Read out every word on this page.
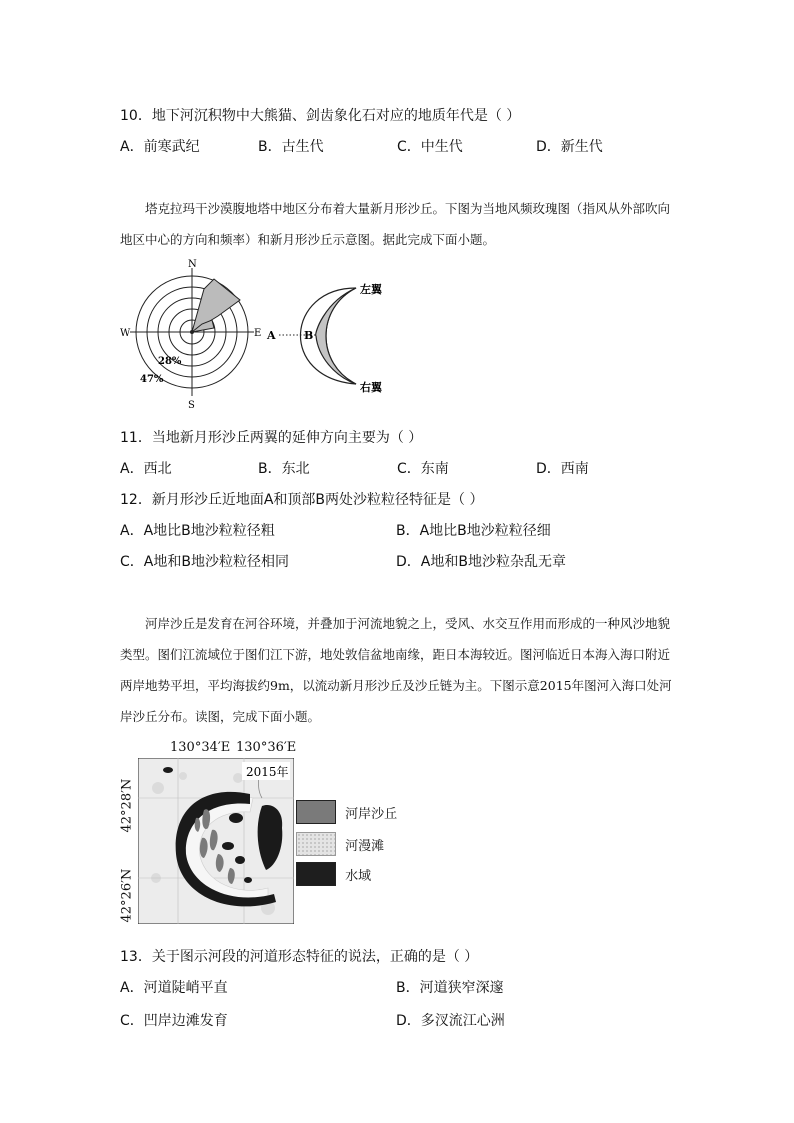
10．地下河沉积物中大熊猫、剑齿象化石对应的地质年代是（ ）
A．前寒武纪	B．古生代	C．中生代	D．新生代

塔克拉玛干沙漠腹地塔中地区分布着大量新月形沙丘。下图为当地风频玫瑰图（指风从外部吹向地区中心的方向和频率）和新月形沙丘示意图。据此完成下面小题。

N
S
W	E
28%
47%
左翼
右翼
A	B
11．当地新月形沙丘两翼的延伸方向主要为（ ）
A．西北	B．东北	C．东南	D．西南
12．新月形沙丘近地面A和顶部B两处沙粒粒径特征是（ ）
A．A地比B地沙粒粒径粗	B．A地比B地沙粒粒径细
C．A地和B地沙粒粒径相同	D．A地和B地沙粒杂乱无章

河岸沙丘是发育在河谷环境，并叠加于河流地貌之上，受风、水交互作用而形成的一种风沙地貌类型。图们江流域位于图们江下游，地处敦信盆地南缘，距日本海较近。图河临近日本海入海口附近两岸地势平坦，平均海拔约9m，以流动新月形沙丘及沙丘链为主。下图示意2015年图河入海口处河岸沙丘分布。读图，完成下面小题。

130°34′E 130°36′E
42°28′N
42°26′N
2015年
河岸沙丘
河漫滩
水域
13．关于图示河段的河道形态特征的说法，正确的是（ ）
A．河道陡峭平直	B．河道狭窄深邃
C．凹岸边滩发育	D．多汊流江心洲
